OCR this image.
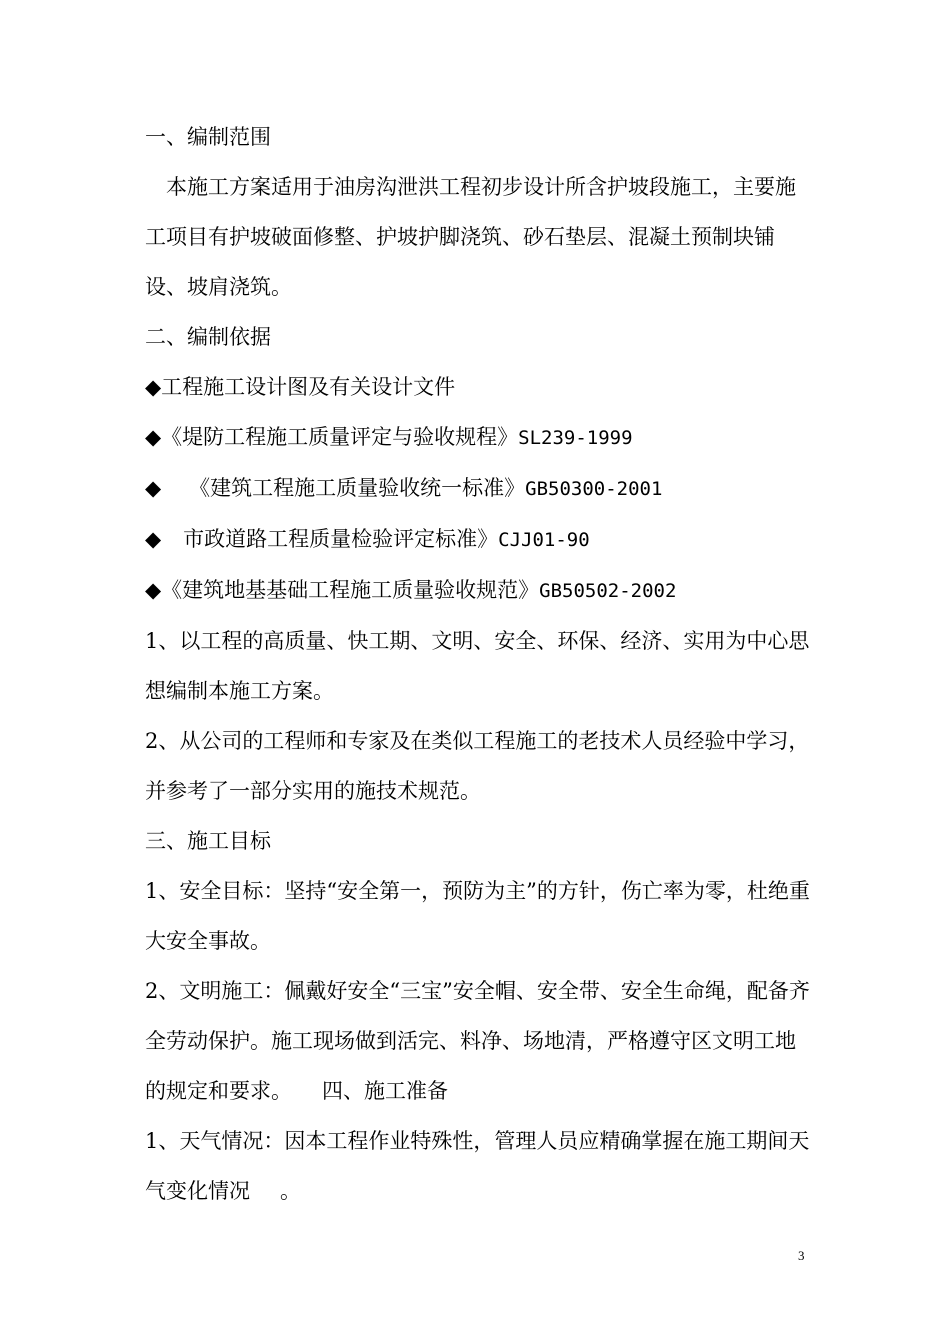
一、编制范围

本施工方案适用于油房沟泄洪工程初步设计所含护坡段施工，主要施工项目有护坡破面修整、护坡护脚浇筑、砂石垫层、混凝土预制块铺设、坡肩浇筑。

二、编制依据

◆工程施工设计图及有关设计文件

◆《堤防工程施工质量评定与验收规程》SL239-1999

◆ 《建筑工程施工质量验收统一标准》GB50300-2001

◆ 市政道路工程质量检验评定标准》CJJ01-90

◆《建筑地基基础工程施工质量验收规范》GB50502-2002

1、以工程的高质量、快工期、文明、安全、环保、经济、实用为中心思想编制本施工方案。

2、从公司的工程师和专家及在类似工程施工的老技术人员经验中学习，并参考了一部分实用的施技术规范。

三、施工目标

1、安全目标：坚持“安全第一，预防为主”的方针，伤亡率为零，杜绝重大安全事故。

2、文明施工：佩戴好安全“三宝”安全帽、安全带、安全生命绳，配备齐全劳动保护。施工现场做到活完、料净、场地清，严格遵守区文明工地的规定和要求。 四、施工准备

1、天气情况：因本工程作业特殊性，管理人员应精确掌握在施工期间天气变化情况 。

3
